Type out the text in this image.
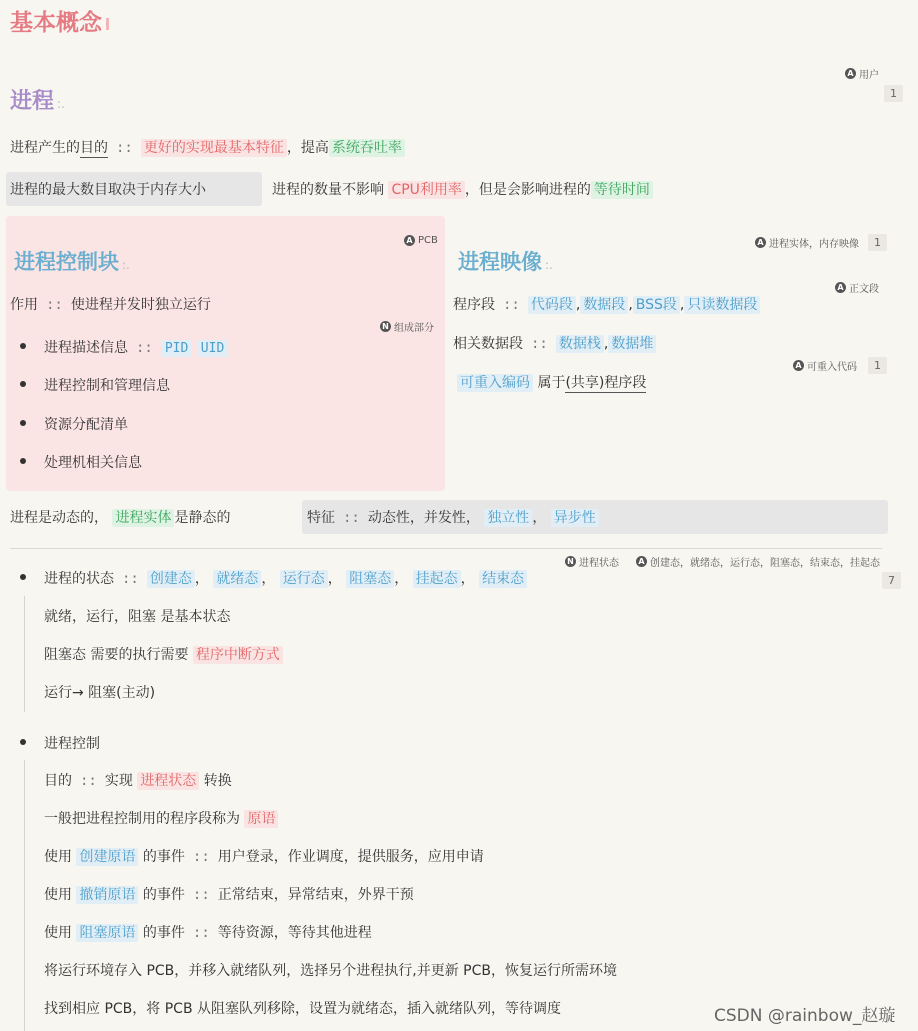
基本概念
A 用户
1
进程 :.
进程产生的目的 :: 更好的实现最基本特征 ，提高 系统吞吐率
进程的最大数目取决于内存大小	进程的数量不影响 CPU利用率 ，但是会影响进程的 等待时间
A PCB
进程控制块 :.
作用 :: 使进程并发时独立运行
N 组成部分
进程描述信息 :: PID UID
进程控制和管理信息
资源分配清单
处理机相关信息
A 进程实体，内存映像	1
进程映像 :.
A 正文段
程序段 :: 代码段 , 数据段 , BSS段 , 只读数据段
相关数据段 :: 数据栈 , 数据堆
A 可重入代码	1
可重入编码 属于(共享)程序段
进程是动态的， 进程实体 是静态的	特征 :: 动态性，并发性， 独立性 ， 异步性
N 进程状态 A 创建态，就绪态，运行态，阻塞态，结束态，挂起态
7
进程的状态 :: 创建态 ， 就绪态 ， 运行态 ， 阻塞态 ， 挂起态 ， 结束态
就绪，运行，阻塞 是基本状态
阻塞态 需要的执行需要 程序中断方式
运行→ 阻塞(主动)
进程控制
目的 :: 实现 进程状态 转换
一般把进程控制用的程序段称为 原语
使用 创建原语 的事件 :: 用户登录，作业调度，提供服务，应用申请
使用 撤销原语 的事件 :: 正常结束，异常结束，外界干预
使用 阻塞原语 的事件 :: 等待资源，等待其他进程
将运行环境存入 PCB，并移入就绪队列，选择另个进程执行,并更新 PCB，恢复运行所需环境
找到相应 PCB，将 PCB 从阻塞队列移除，设置为就绪态，插入就绪队列，等待调度	CSDN @rainbow_赵璇
